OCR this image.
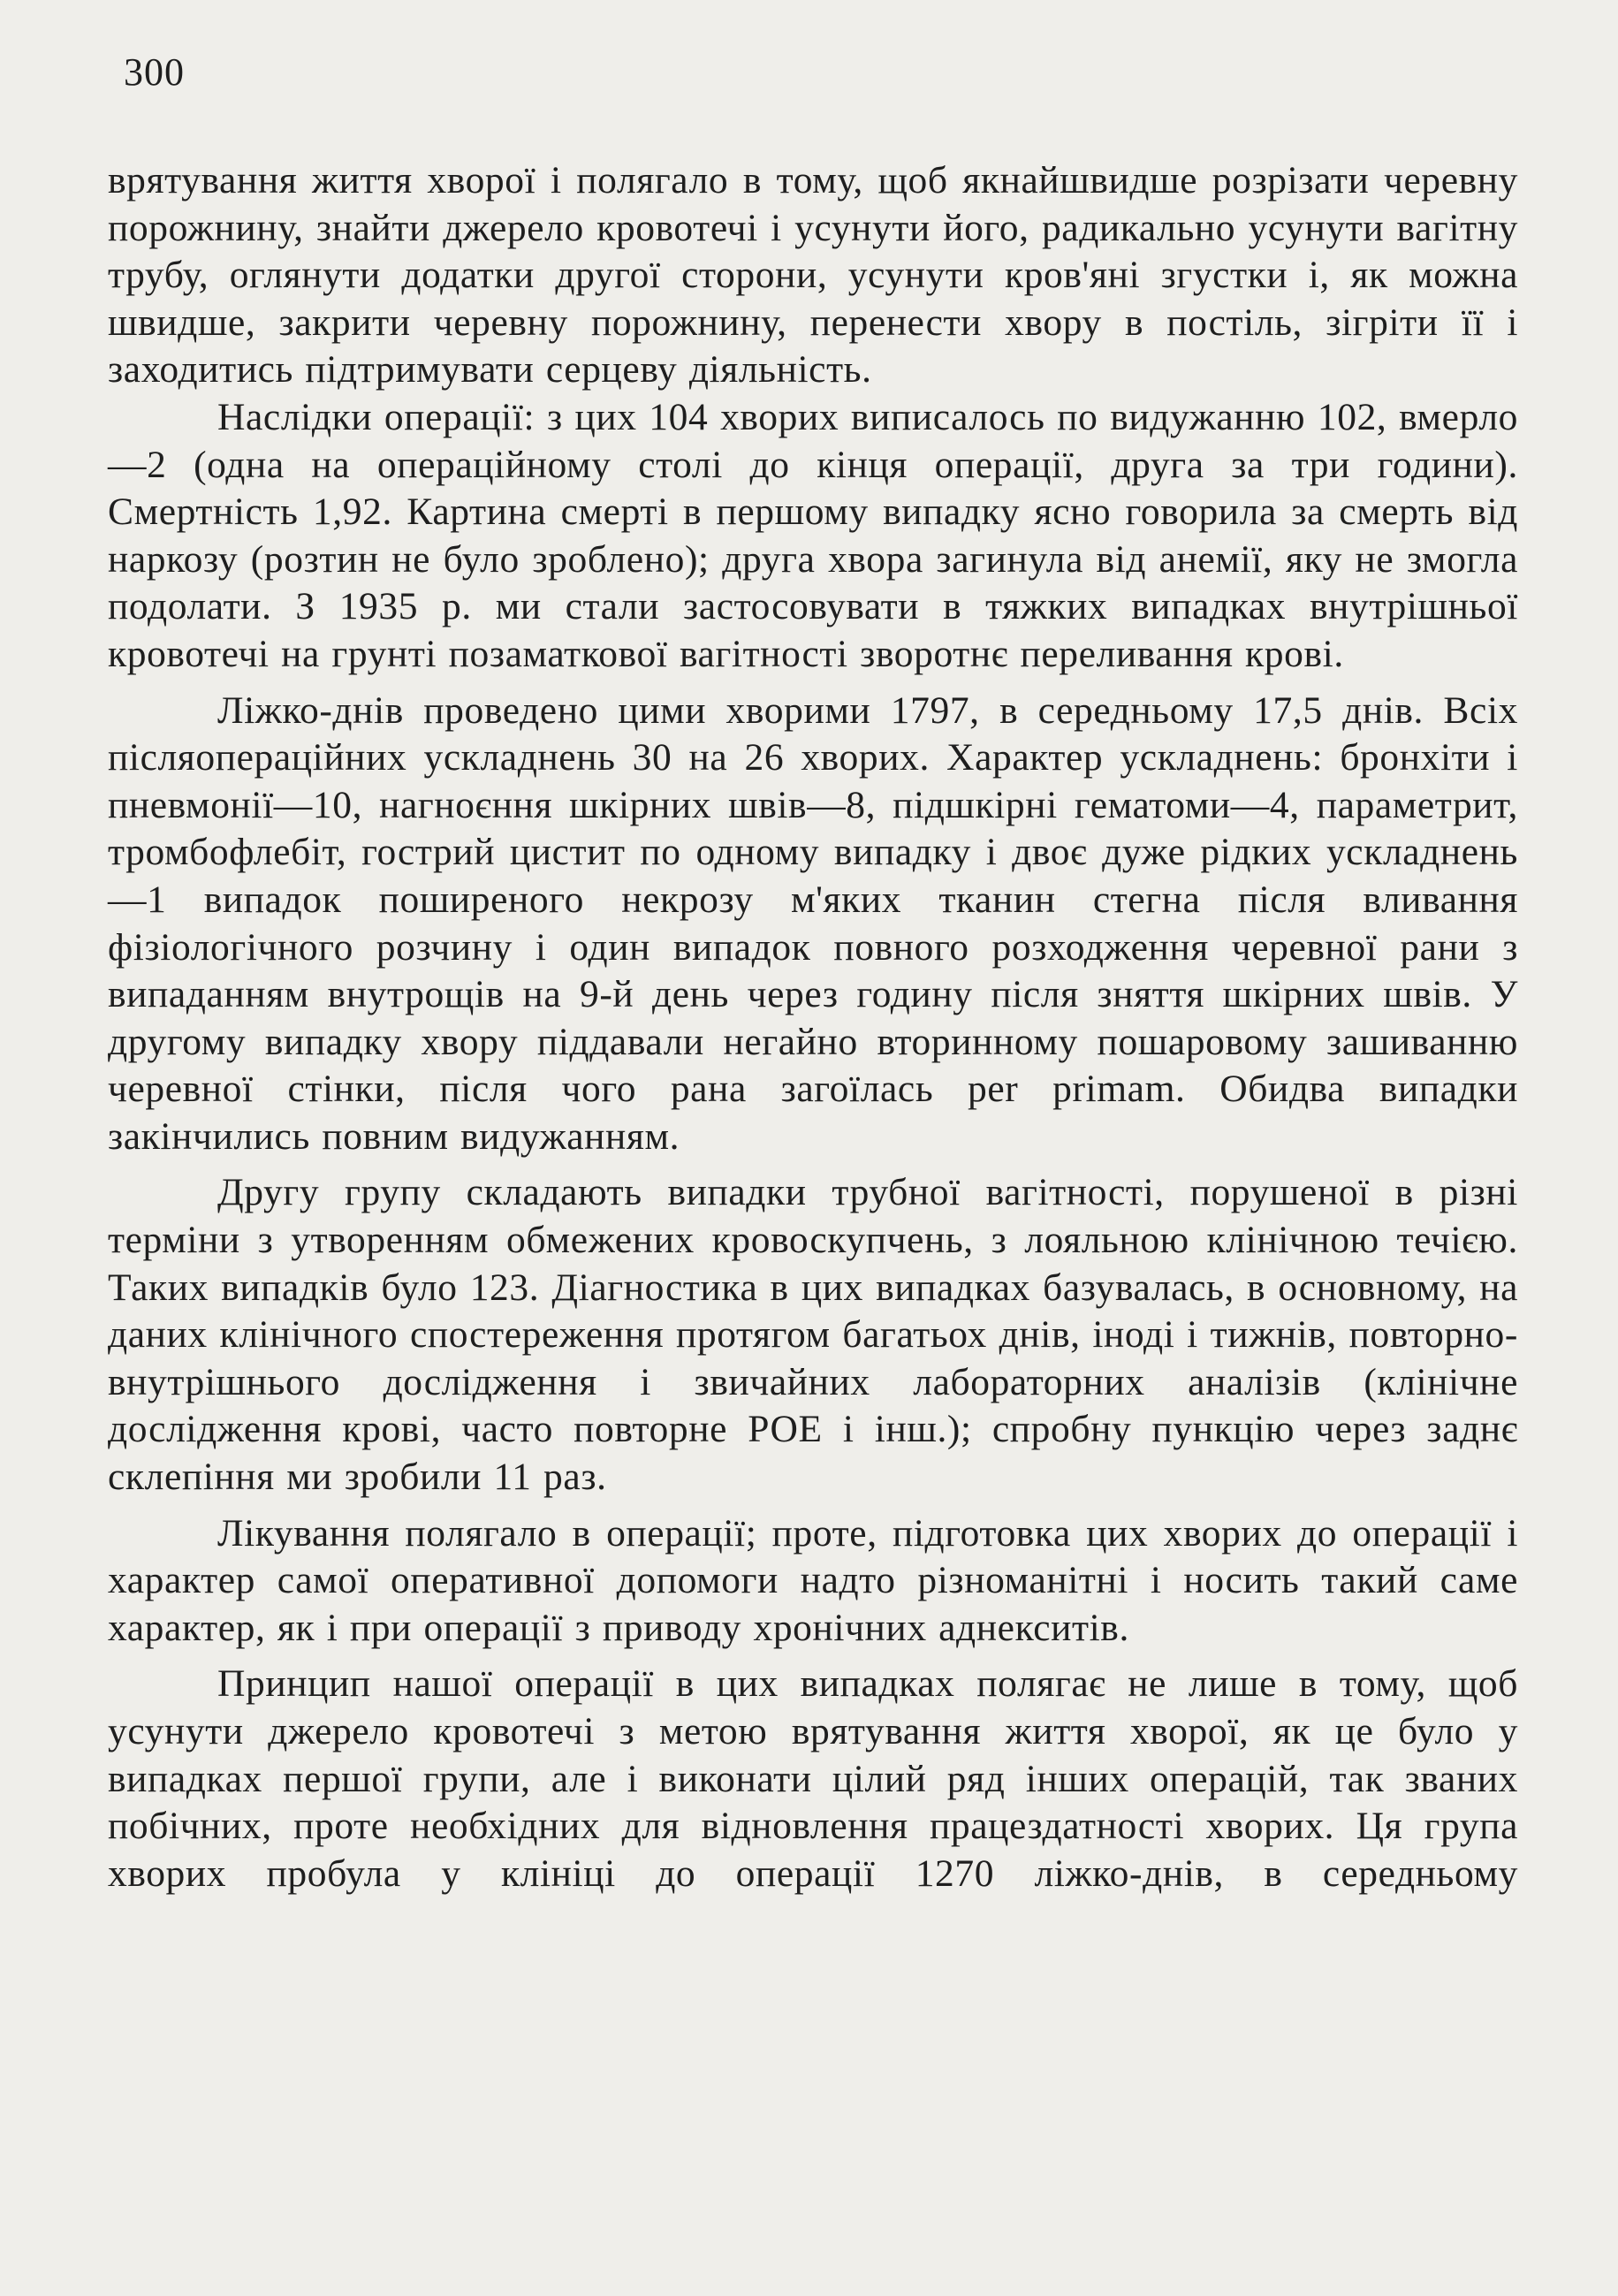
300

врятування життя хворої і полягало в тому, щоб якнайшвидше розрізати черевну порожнину, знайти джерело кровотечі і усунути його, радикально усунути вагітну трубу, оглянути додатки другої сторони, усунути кров'яні згустки і, як можна швидше, закрити черевну порожнину, перенести хвору в постіль, зігріти її і заходитись підтримувати серцеву діяльність.

Наслідки операції: з цих 104 хворих виписалось по видужанню 102, вмерло—2 (одна на операційному столі до кінця операції, друга за три години). Смертність 1,92. Картина смерті в першому випадку ясно говорила за смерть від наркозу (розтин не було зроблено); друга хвора загинула від анемії, яку не змогла подолати. З 1935 р. ми стали застосовувати в тяжких випадках внутрішньої кровотечі на грунті позаматкової вагітності зворотнє переливання крові.

Ліжко-днів проведено цими хворими 1797, в середньому 17,5 днів. Всіх післяопераційних ускладнень 30 на 26 хворих. Характер ускладнень: бронхіти і пневмонії—10, нагноєння шкірних швів—8, підшкірні гематоми—4, параметрит, тромбофлебіт, гострий цистит по одному випадку і двоє дуже рідких ускладнень—1 випадок поширеного некрозу м'яких тканин стегна після вливання фізіологічного розчину і один випадок повного розходження черевної рани з випаданням внутрощів на 9-й день через годину після зняття шкірних швів. У другому випадку хвору піддавали негайно вторинному пошаровому зашиванню черевної стінки, після чого рана загоїлась per primam. Обидва випадки закінчились повним видужанням.

Другу групу складають випадки трубної вагітності, порушеної в різні терміни з утворенням обмежених кровоскупчень, з лояльною клінічною течією. Таких випадків було 123. Діагностика в цих випадках базувалась, в основному, на даних клінічного спостереження протягом багатьох днів, іноді і тижнів, повторно-внутрішнього дослідження і звичайних лабораторних аналізів (клінічне дослідження крові, часто повторне РОЕ і інш.); спробну пункцію через заднє склепіння ми зробили 11 раз.

Лікування полягало в операції; проте, підготовка цих хворих до операції і характер самої оперативної допомоги надто різноманітні і носить такий саме характер, як і при операції з приводу хронічних аднекситів.

Принцип нашої операції в цих випадках полягає не лише в тому, щоб усунути джерело кровотечі з метою врятування життя хворої, як це було у випадках першої групи, але і виконати цілий ряд інших операцій, так званих побічних, проте необхідних для відновлення працездатності хворих. Ця група хворих пробула у клініці до операції 1270 ліжко-днів, в середньому
